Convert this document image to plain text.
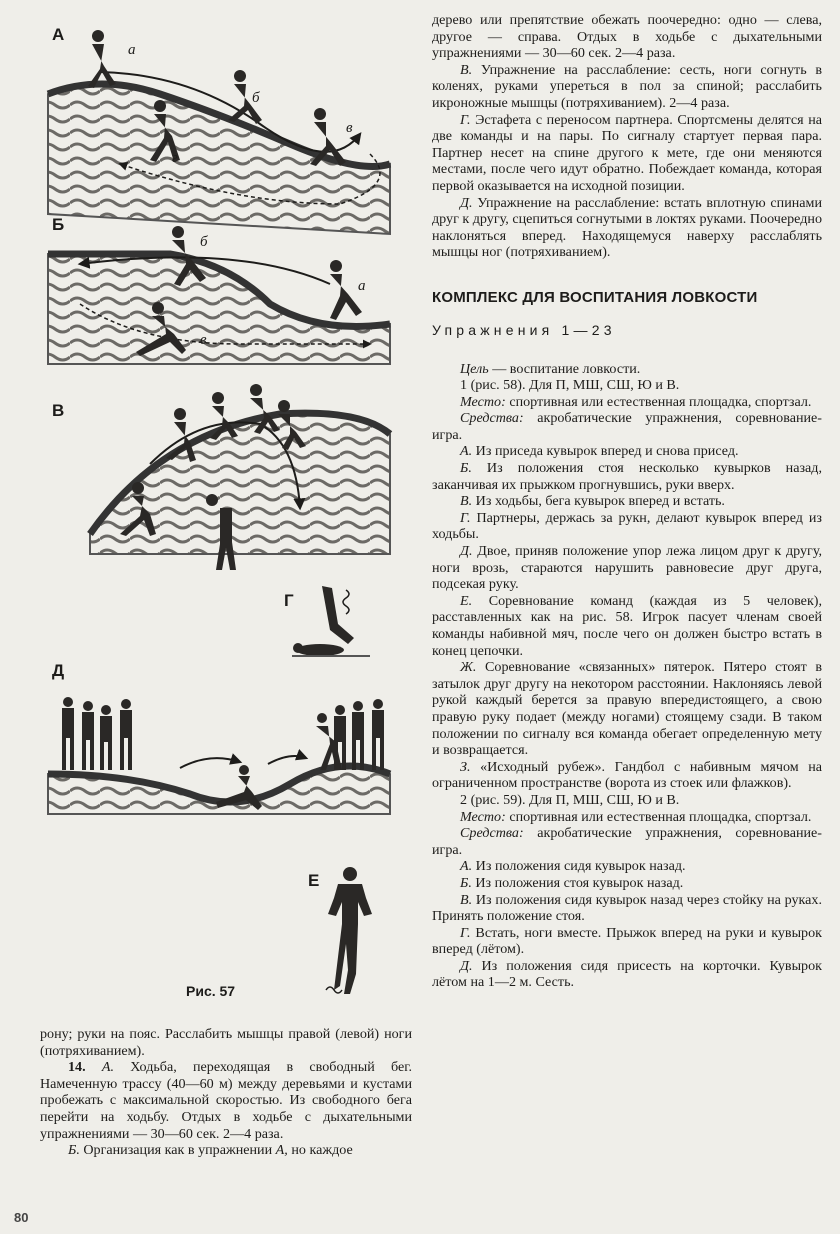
А
а
б
в
г
Б
б
а
в
В
Г
Д
Е
Рис. 57

рону; руки на пояс. Расслабить мышцы правой (левой) ноги (потряхиванием).

14. А. Ходьба, переходящая в свободный бег. Намеченную трассу (40—60 м) между деревьями и кустами пробежать с максимальной скоростью. Из свободного бега перейти на ходьбу. Отдых в ходьбе с дыхательными упражнениями — 30—60 сек. 2—4 раза.

Б. Организация как в упражнении А, но каждое

дерево или препятствие обежать поочередно: одно — слева, другое — справа. Отдых в ходьбе с дыхательными упражнениями — 30—60 сек. 2—4 раза.

В. Упражнение на расслабление: сесть, ноги согнуть в коленях, руками упереться в пол за спиной; расслабить икроножные мышцы (потряхиванием). 2—4 раза.

Г. Эстафета с переносом партнера. Спортсмены делятся на две команды и на пары. По сигналу стартует первая пара. Партнер несет на спине другого к мете, где они меняются местами, после чего идут обратно. Побеждает команда, которая первой оказывается на исходной позиции.

Д. Упражнение на расслабление: встать вплотную спинами друг к другу, сцепиться согнутыми в локтях руками. Поочередно наклоняться вперед. Находящемуся наверху расслаблять мышцы ног (потряхиванием).

КОМПЛЕКС ДЛЯ ВОСПИТАНИЯ ЛОВКОСТИ
Упражнения 1—23

Цель — воспитание ловкости.

1 (рис. 58). Для П, МШ, СШ, Ю и В.

Место: спортивная или естественная площадка, спортзал.

Средства: акробатические упражнения, соревнование-игра.

А. Из приседа кувырок вперед и снова присед.

Б. Из положения стоя несколько кувырков назад, заканчивая их прыжком прогнувшись, руки вверх.

В. Из ходьбы, бега кувырок вперед и встать.

Г. Партнеры, держась за рукн, делают кувырок вперед из ходьбы.

Д. Двое, приняв положение упор лежа лицом друг к другу, ноги врозь, стараются нарушить равновесие друг друга, подсекая руку.

Е. Соревнование команд (каждая из 5 человек), расставленных как на рис. 58. Игрок пасует членам своей команды набивной мяч, после чего он должен быстро встать в конец цепочки.

Ж. Соревнование «связанных» пятерок. Пятеро стоят в затылок друг другу на некотором расстоянии. Наклоняясь левой рукой каждый берется за правую впередистоящего, а свою правую руку подает (между ногами) стоящему сзади. В таком положении по сигналу вся команда обегает определенную мету и возвращается.

З. «Исходный рубеж». Гандбол с набивным мячом на ограниченном пространстве (ворота из стоек или флажков).

2 (рис. 59). Для П, МШ, СШ, Ю и В.

Место: спортивная или естественная площадка, спортзал.

Средства: акробатические упражнения, соревнование-игра.

А. Из положения сидя кувырок назад.

Б. Из положения стоя кувырок назад.

В. Из положения сидя кувырок назад через стойку на руках. Принять положение стоя.

Г. Встать, ноги вместе. Прыжок вперед на руки и кувырок вперед (лётом).

Д. Из положения сидя присесть на корточки. Кувырок лётом на 1—2 м. Сесть.

80
